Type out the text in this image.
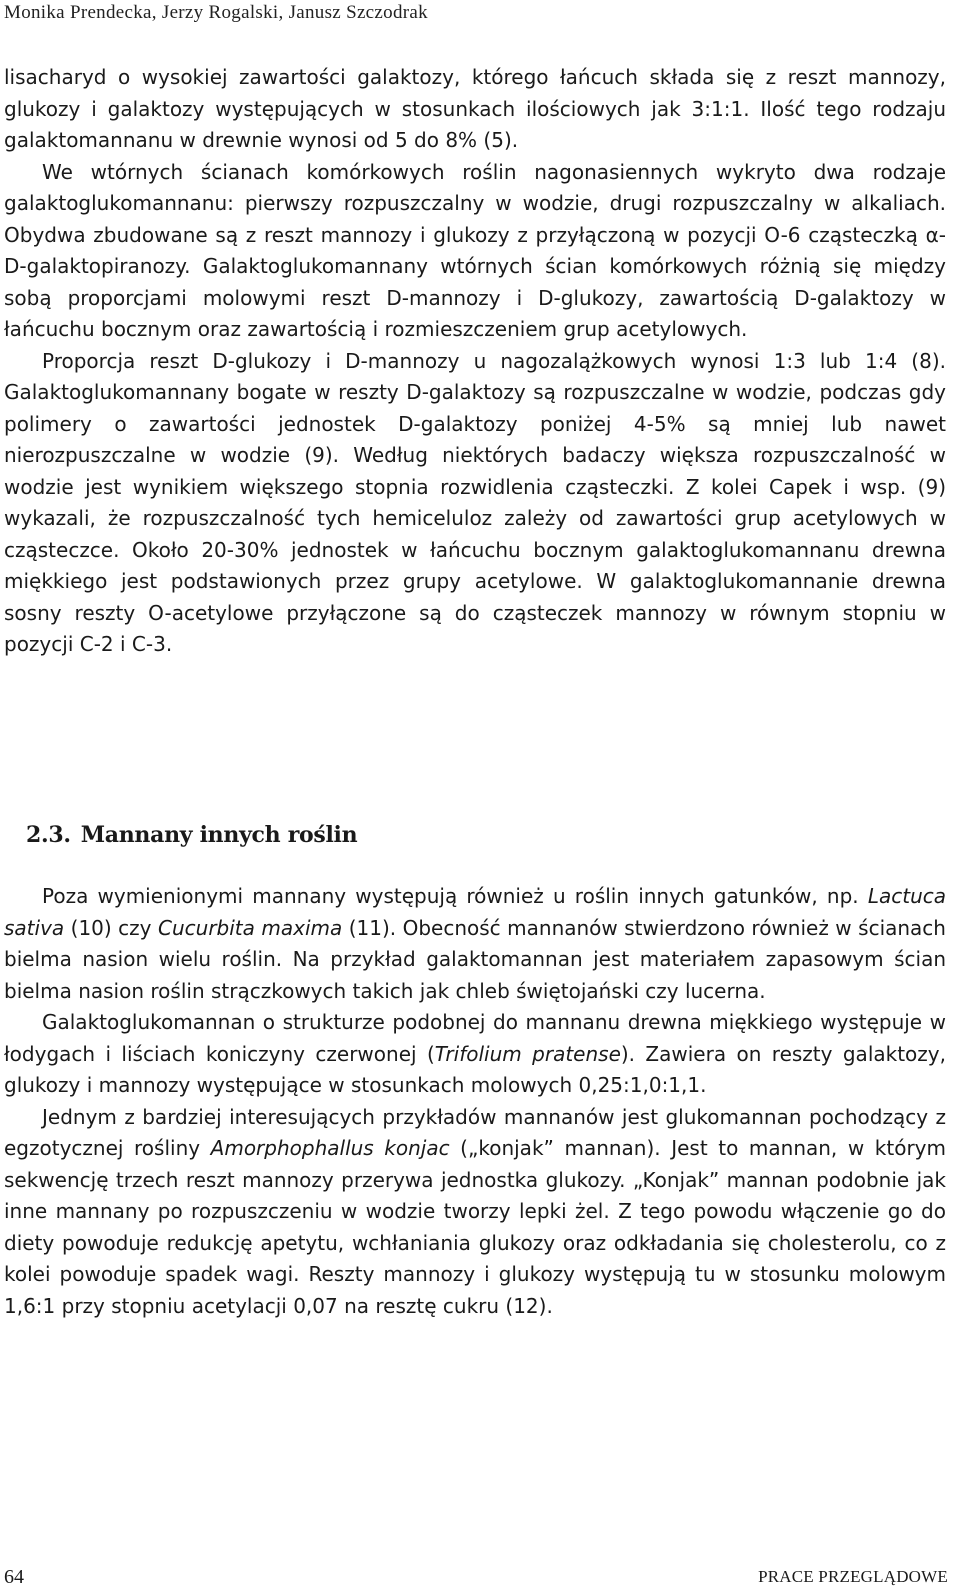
Monika Prendecka, Jerzy Rogalski, Janusz Szczodrak

lisacharyd o wysokiej zawartości galaktozy, którego łańcuch składa się z reszt mannozy, glukozy i galaktozy występujących w stosunkach ilościowych jak 3:1:1. Ilość tego rodzaju galaktomannanu w drewnie wynosi od 5 do 8% (5).

We wtórnych ścianach komórkowych roślin nagonasiennych wykryto dwa rodzaje galaktoglukomannanu: pierwszy rozpuszczalny w wodzie, drugi rozpuszczalny w alkaliach. Obydwa zbudowane są z reszt mannozy i glukozy z przyłączoną w pozycji O-6 cząsteczką α-D-galaktopiranozy. Galaktoglukomannany wtórnych ścian komórkowych różnią się między sobą proporcjami molowymi reszt D-mannozy i D-glukozy, zawartością D-galaktozy w łańcuchu bocznym oraz zawartością i rozmieszczeniem grup acetylowych.

Proporcja reszt D-glukozy i D-mannozy u nagozalążkowych wynosi 1:3 lub 1:4 (8). Galaktoglukomannany bogate w reszty D-galaktozy są rozpuszczalne w wodzie, podczas gdy polimery o zawartości jednostek D-galaktozy poniżej 4-5% są mniej lub nawet nierozpuszczalne w wodzie (9). Według niektórych badaczy większa rozpuszczalność w wodzie jest wynikiem większego stopnia rozwidlenia cząsteczki. Z kolei Capek i wsp. (9) wykazali, że rozpuszczalność tych hemiceluloz zależy od zawartości grup acetylowych w cząsteczce. Około 20-30% jednostek w łańcuchu bocznym galaktoglukomannanu drewna miękkiego jest podstawionych przez grupy acetylowe. W galaktoglukomannanie drewna sosny reszty O-acetylowe przyłączone są do cząsteczek mannozy w równym stopniu w pozycji C-2 i C-3.

2.3. Mannany innych roślin

Poza wymienionymi mannany występują również u roślin innych gatunków, np. Lactuca sativa (10) czy Cucurbita maxima (11). Obecność mannanów stwierdzono również w ścianach bielma nasion wielu roślin. Na przykład galaktomannan jest materiałem zapasowym ścian bielma nasion roślin strączkowych takich jak chleb świętojański czy lucerna.

Galaktoglukomannan o strukturze podobnej do mannanu drewna miękkiego występuje w łodygach i liściach koniczyny czerwonej (Trifolium pratense). Zawiera on reszty galaktozy, glukozy i mannozy występujące w stosunkach molowych 0,25:1,0:1,1.

Jednym z bardziej interesujących przykładów mannanów jest glukomannan pochodzący z egzotycznej rośliny Amorphophallus konjac („konjak” mannan). Jest to mannan, w którym sekwencję trzech reszt mannozy przerywa jednostka glukozy. „Konjak” mannan podobnie jak inne mannany po rozpuszczeniu w wodzie tworzy lepki żel. Z tego powodu włączenie go do diety powoduje redukcję apetytu, wchłaniania glukozy oraz odkładania się cholesterolu, co z kolei powoduje spadek wagi. Reszty mannozy i glukozy występują tu w stosunku molowym 1,6:1 przy stopniu acetylacji 0,07 na resztę cukru (12).

64	PRACE PRZEGLĄDOWE
